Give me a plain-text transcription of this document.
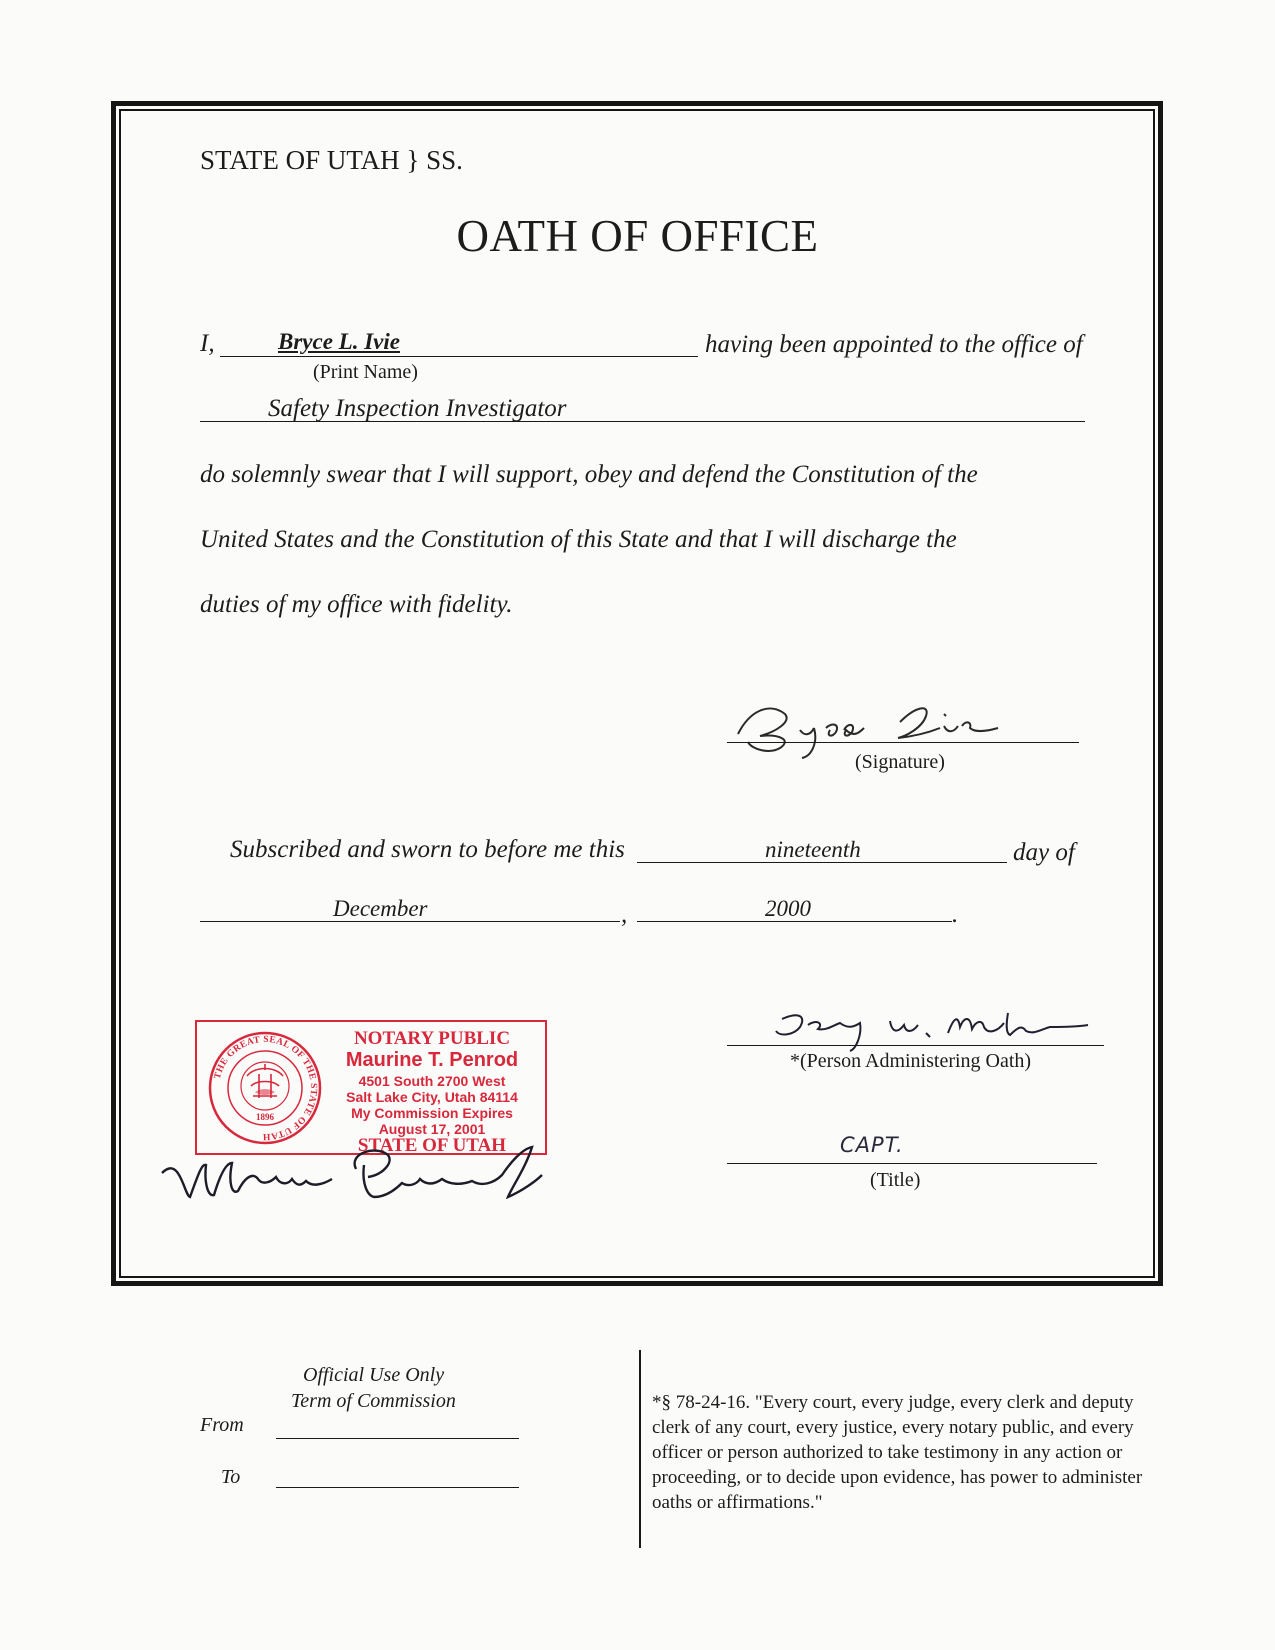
STATE OF UTAH } SS.
OATH OF OFFICE
I,	Bryce L. Ivie
(Print Name)
having been appointed to the office of
Safety Inspection Investigator
do solemnly swear that I will support, obey and defend the Constitution of the
United States and the Constitution of this State and that I will discharge the
duties of my office with fidelity.
(Signature)
Subscribed and sworn to before me this	nineteenth	day of
December	,	2000	.
THE GREAT SEAL OF THE STATE OF UTAH
1896
NOTARY PUBLIC
Maurine T. Penrod
4501 South 2700 West
Salt Lake City, Utah 84114
My Commission Expires
August 17, 2001
STATE OF UTAH
*(Person Administering Oath)
CAPT.
(Title)
Official Use Only
Term of Commission
From
To
*§ 78-24-16. "Every court, every judge, every clerk and deputy clerk of any court, every justice, every notary public, and every officer or person authorized to take testimony in any action or proceeding, or to decide upon evidence, has power to administer oaths or affirmations."
